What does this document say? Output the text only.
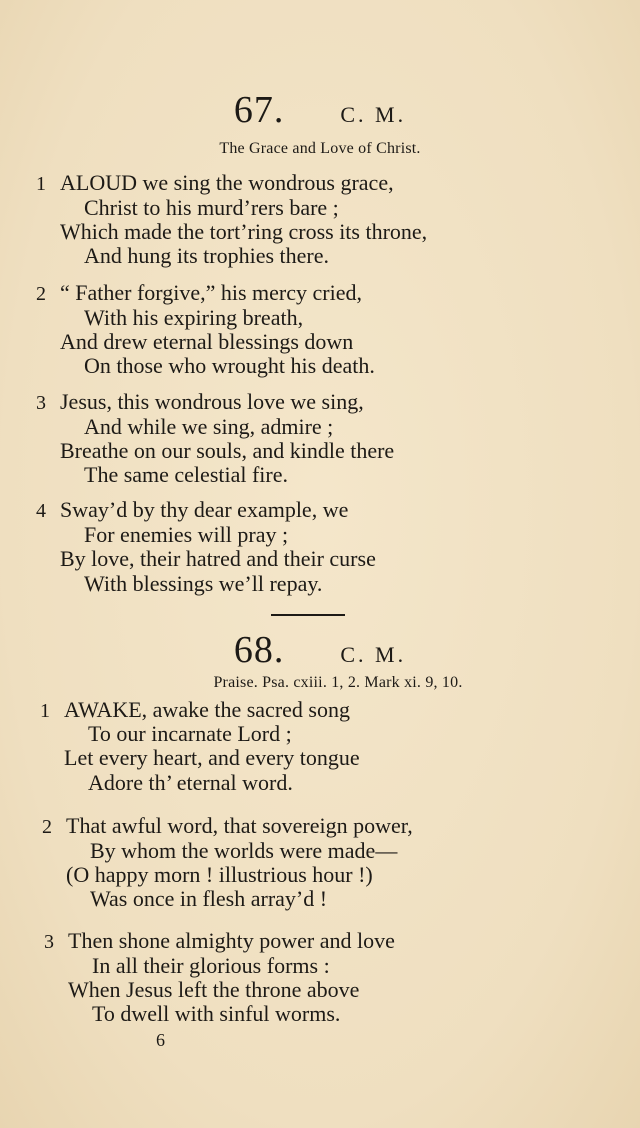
67.	C. M.
The Grace and Love of Christ.
1 ALOUD we sing the wondrous grace,
Christ to his murd’rers bare ;
Which made the tort’ring cross its throne,
And hung its trophies there.
2 “ Father forgive,” his mercy cried,
With his expiring breath,
And drew eternal blessings down
On those who wrought his death.
3 Jesus, this wondrous love we sing,
And while we sing, admire ;
Breathe on our souls, and kindle there
The same celestial fire.
4 Sway’d by thy dear example, we
For enemies will pray ;
By love, their hatred and their curse
With blessings we’ll repay.
68.	C. M.
Praise. Psa. cxiii. 1, 2. Mark xi. 9, 10.
1 AWAKE, awake the sacred song
To our incarnate Lord ;
Let every heart, and every tongue
Adore th’ eternal word.
2 That awful word, that sovereign power,
By whom the worlds were made—
(O happy morn ! illustrious hour !)
Was once in flesh array’d !
3 Then shone almighty power and love
In all their glorious forms :
When Jesus left the throne above
To dwell with sinful worms.
6
